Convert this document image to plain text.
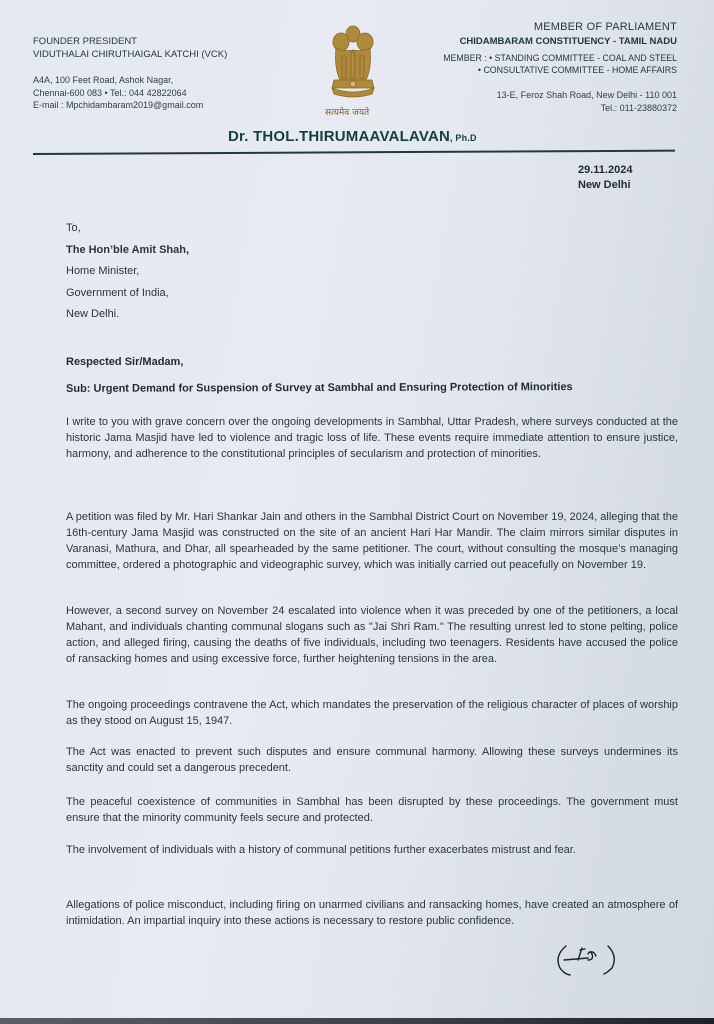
FOUNDER PRESIDENT
VIDUTHALAI CHIRUTHAIGAL KATCHI (VCK)
A4A, 100 Feet Road, Ashok Nagar,
Chennai-600 083 • Tel.: 044 42822064
E-mail : Mpchidambaram2019@gmail.com
सत्यमेव जयते
MEMBER OF PARLIAMENT
CHIDAMBARAM CONSTITUENCY - TAMIL NADU
MEMBER : • STANDING COMMITTEE - COAL AND STEEL
• CONSULTATIVE COMMITTEE - HOME AFFAIRS
13-E, Feroz Shah Road, New Delhi - 110 001
Tel.: 011-23880372
Dr. THOL.THIRUMAAVALAVAN, Ph.D
29.11.2024
New Delhi
To,
The Hon’ble Amit Shah,
Home Minister,
Government of India,
New Delhi.
Respected Sir/Madam,
Sub: Urgent Demand for Suspension of Survey at Sambhal and Ensuring Protection of Minorities

I write to you with grave concern over the ongoing developments in Sambhal, Uttar Pradesh, where surveys conducted at the historic Jama Masjid have led to violence and tragic loss of life. These events require immediate attention to ensure justice, harmony, and adherence to the constitutional principles of secularism and protection of minorities.

A petition was filed by Mr. Hari Shankar Jain and others in the Sambhal District Court on November 19, 2024, alleging that the 16th-century Jama Masjid was constructed on the site of an ancient Hari Har Mandir. The claim mirrors similar disputes in Varanasi, Mathura, and Dhar, all spearheaded by the same petitioner. The court, without consulting the mosque’s managing committee, ordered a photographic and videographic survey, which was initially carried out peacefully on November 19.

However, a second survey on November 24 escalated into violence when it was preceded by one of the petitioners, a local Mahant, and individuals chanting communal slogans such as "Jai Shri Ram." The resulting unrest led to stone pelting, police action, and alleged firing, causing the deaths of five individuals, including two teenagers. Residents have accused the police of ransacking homes and using excessive force, further heightening tensions in the area.

The ongoing proceedings contravene the Act, which mandates the preservation of the religious character of places of worship as they stood on August 15, 1947.

The Act was enacted to prevent such disputes and ensure communal harmony. Allowing these surveys undermines its sanctity and could set a dangerous precedent.

The peaceful coexistence of communities in Sambhal has been disrupted by these proceedings. The government must ensure that the minority community feels secure and protected.

The involvement of individuals with a history of communal petitions further exacerbates mistrust and fear.

Allegations of police misconduct, including firing on unarmed civilians and ransacking homes, have created an atmosphere of intimidation. An impartial inquiry into these actions is necessary to restore public confidence.
